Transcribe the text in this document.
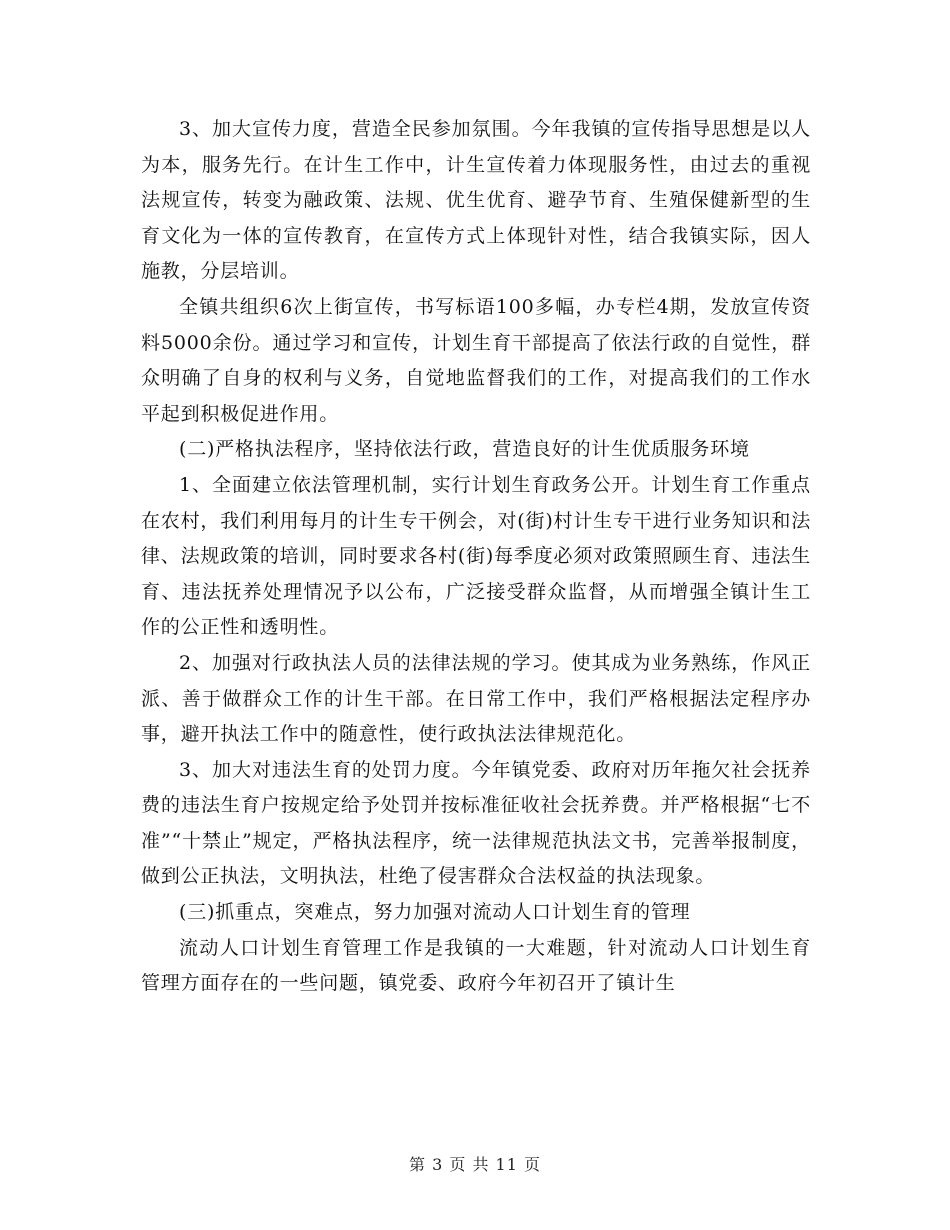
3、加大宣传力度，营造全民参加氛围。今年我镇的宣传指导思想是以人为本，服务先行。在计生工作中，计生宣传着力体现服务性，由过去的重视法规宣传，转变为融政策、法规、优生优育、避孕节育、生殖保健新型的生育文化为一体的宣传教育，在宣传方式上体现针对性，结合我镇实际，因人施教，分层培训。

全镇共组织6次上街宣传，书写标语100多幅，办专栏4期，发放宣传资料5000余份。通过学习和宣传，计划生育干部提高了依法行政的自觉性，群众明确了自身的权利与义务，自觉地监督我们的工作，对提高我们的工作水平起到积极促进作用。

(二)严格执法程序，坚持依法行政，营造良好的计生优质服务环境

1、全面建立依法管理机制，实行计划生育政务公开。计划生育工作重点在农村，我们利用每月的计生专干例会，对(街)村计生专干进行业务知识和法律、法规政策的培训，同时要求各村(街)每季度必须对政策照顾生育、违法生育、违法抚养处理情况予以公布，广泛接受群众监督，从而增强全镇计生工作的公正性和透明性。

2、加强对行政执法人员的法律法规的学习。使其成为业务熟练，作风正派、善于做群众工作的计生干部。在日常工作中，我们严格根据法定程序办事，避开执法工作中的随意性，使行政执法法律规范化。

3、加大对违法生育的处罚力度。今年镇党委、政府对历年拖欠社会抚养费的违法生育户按规定给予处罚并按标准征收社会抚养费。并严格根据“七不准”“十禁止”规定，严格执法程序，统一法律规范执法文书，完善举报制度，做到公正执法，文明执法，杜绝了侵害群众合法权益的执法现象。

(三)抓重点，突难点，努力加强对流动人口计划生育的管理

流动人口计划生育管理工作是我镇的一大难题，针对流动人口计划生育管理方面存在的一些问题，镇党委、政府今年初召开了镇计生

第 3 页 共 11 页
